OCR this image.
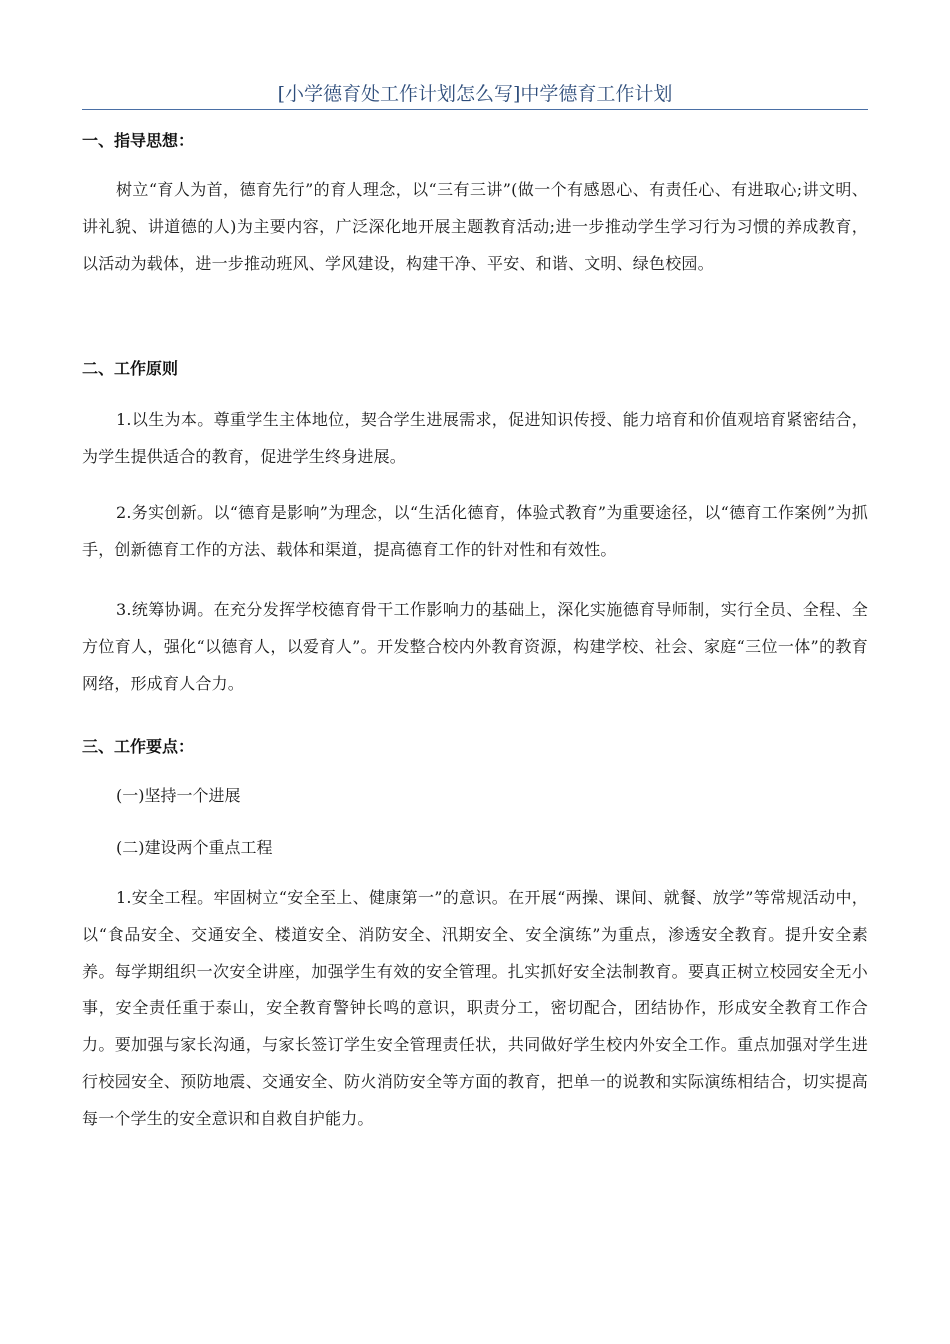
[小学德育处工作计划怎么写]中学德育工作计划
一、指导思想：
树立“育人为首，德育先行”的育人理念，以“三有三讲”(做一个有感恩心、有责任心、有进取心;讲文明、讲礼貌、讲道德的人)为主要内容，广泛深化地开展主题教育活动;进一步推动学生学习行为习惯的养成教育，以活动为载体，进一步推动班风、学风建设，构建干净、平安、和谐、文明、绿色校园。
二、工作原则
1.以生为本。尊重学生主体地位，契合学生进展需求，促进知识传授、能力培育和价值观培育紧密结合，为学生提供适合的教育，促进学生终身进展。
2.务实创新。以“德育是影响”为理念，以“生活化德育，体验式教育”为重要途径，以“德育工作案例”为抓手，创新德育工作的方法、载体和渠道，提高德育工作的针对性和有效性。
3.统筹协调。在充分发挥学校德育骨干工作影响力的基础上，深化实施德育导师制，实行全员、全程、全方位育人，强化“以德育人，以爱育人”。开发整合校内外教育资源，构建学校、社会、家庭“三位一体”的教育网络，形成育人合力。
三、工作要点：
(一)坚持一个进展
(二)建设两个重点工程
1.安全工程。牢固树立“安全至上、健康第一”的意识。在开展“两操、课间、就餐、放学”等常规活动中，以“食品安全、交通安全、楼道安全、消防安全、汛期安全、安全演练”为重点，渗透安全教育。提升安全素养。每学期组织一次安全讲座，加强学生有效的安全管理。扎实抓好安全法制教育。要真正树立校园安全无小事，安全责任重于泰山，安全教育警钟长鸣的意识，职责分工，密切配合，团结协作，形成安全教育工作合力。要加强与家长沟通，与家长签订学生安全管理责任状，共同做好学生校内外安全工作。重点加强对学生进行校园安全、预防地震、交通安全、防火消防安全等方面的教育，把单一的说教和实际演练相结合，切实提高每一个学生的安全意识和自救自护能力。
